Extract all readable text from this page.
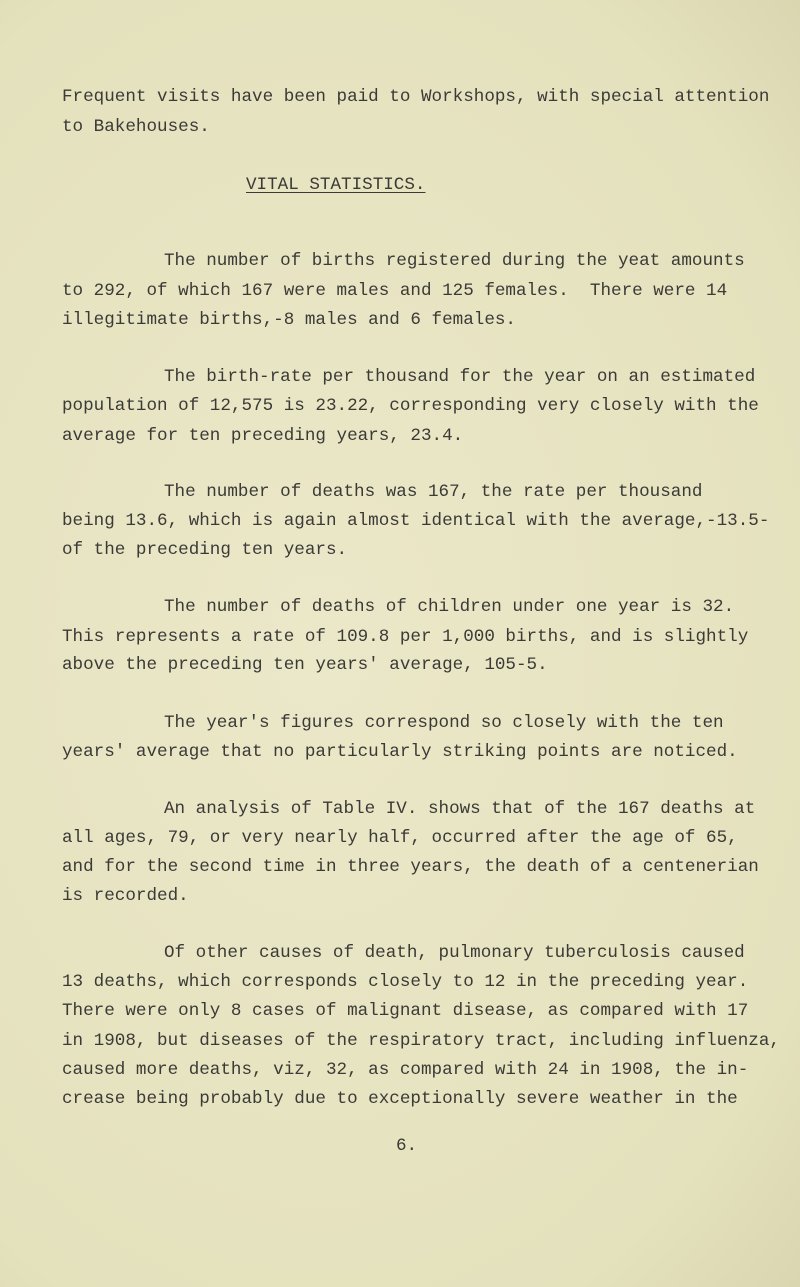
Frequent visits have been paid to Workshops, with special attention
to Bakehouses.
VITAL STATISTICS.
The number of births registered during the yeat amounts
to 292, of which 167 were males and 125 females.  There were 14
illegitimate births,-8 males and 6 females.
The birth-rate per thousand for the year on an estimated
population of 12,575 is 23.22, corresponding very closely with the
average for ten preceding years, 23.4.
The number of deaths was 167, the rate per thousand
being 13.6, which is again almost identical with the average,-13.5-
of the preceding ten years.
The number of deaths of children under one year is 32.
This represents a rate of 109.8 per 1,000 births, and is slightly
above the preceding ten years' average, 105-5.
The year's figures correspond so closely with the ten
years' average that no particularly striking points are noticed.
An analysis of Table IV. shows that of the 167 deaths at
all ages, 79, or very nearly half, occurred after the age of 65,
and for the second time in three years, the death of a centenerian
is recorded.
Of other causes of death, pulmonary tuberculosis caused
13 deaths, which corresponds closely to 12 in the preceding year.
There were only 8 cases of malignant disease, as compared with 17
in 1908, but diseases of the respiratory tract, including influenza,
caused more deaths, viz, 32, as compared with 24 in 1908, the in-
crease being probably due to exceptionally severe weather in the
6.
